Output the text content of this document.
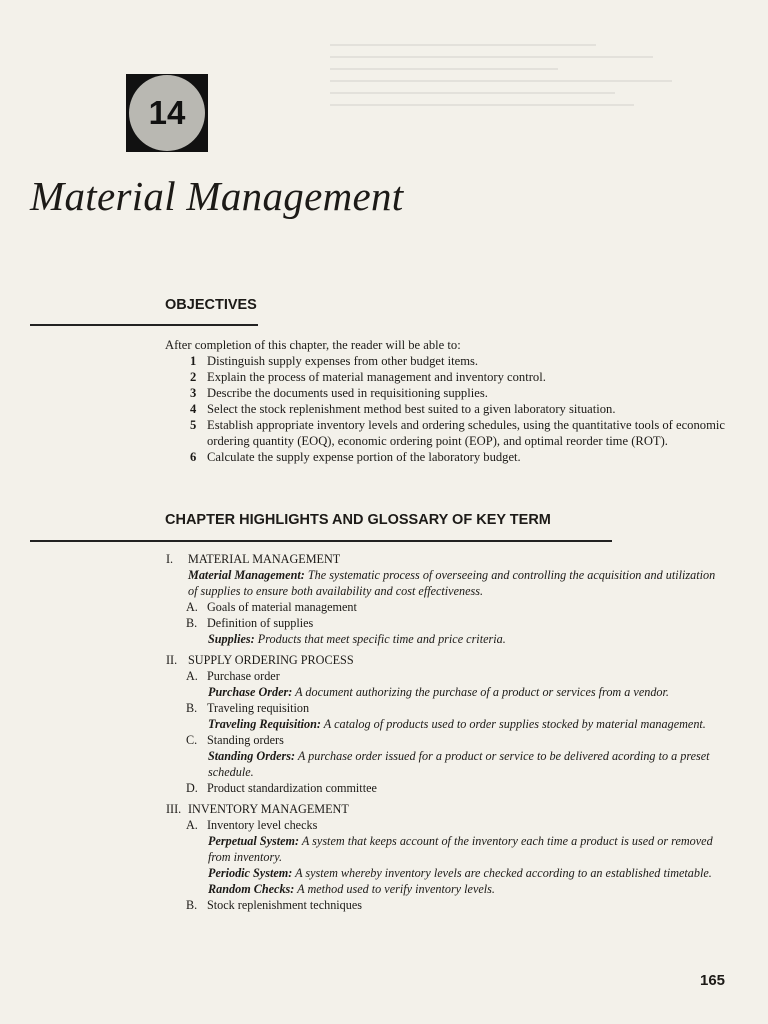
14
Material Management
OBJECTIVES
After completion of this chapter, the reader will be able to:
1 Distinguish supply expenses from other budget items.
2 Explain the process of material management and inventory control.
3 Describe the documents used in requisitioning supplies.
4 Select the stock replenishment method best suited to a given laboratory situation.
5 Establish appropriate inventory levels and ordering schedules, using the quantitative tools of economic ordering quantity (EOQ), economic ordering point (EOP), and optimal reorder time (ROT).
6 Calculate the supply expense portion of the laboratory budget.
CHAPTER HIGHLIGHTS AND GLOSSARY OF KEY TERM
I.	MATERIAL MANAGEMENT
Material Management: The systematic process of overseeing and controlling the acquisition and utilization of supplies to ensure both availability and cost effectiveness.
A. Goals of material management
B. Definition of supplies
Supplies: Products that meet specific time and price criteria.
II. SUPPLY ORDERING PROCESS
A. Purchase order
Purchase Order: A document authorizing the purchase of a product or services from a vendor.
B. Traveling requisition
Traveling Requisition: A catalog of products used to order supplies stocked by material management.
C. Standing orders
Standing Orders: A purchase order issued for a product or service to be delivered acording to a preset schedule.
D. Product standardization committee
III. INVENTORY MANAGEMENT
A. Inventory level checks
Perpetual System: A system that keeps account of the inventory each time a product is used or removed from inventory.
Periodic System: A system whereby inventory levels are checked according to an established timetable.
Random Checks: A method used to verify inventory levels.
B. Stock replenishment techniques
165
